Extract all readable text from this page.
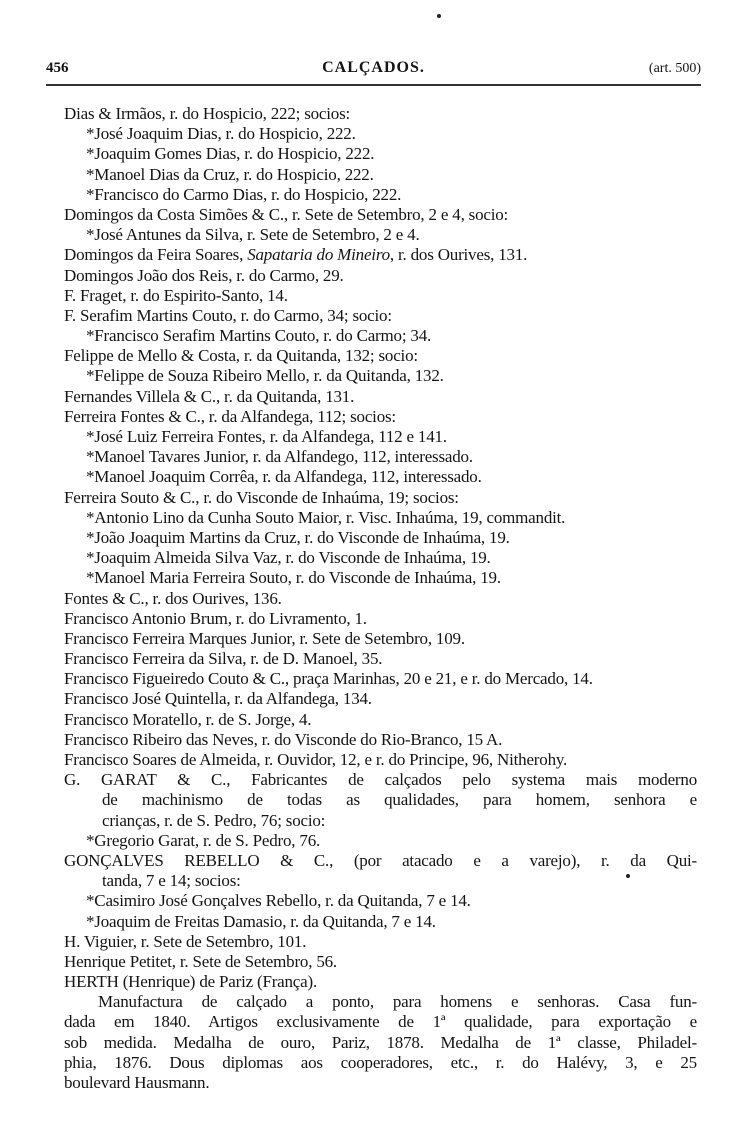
456	CALÇADOS.	(art. 500)
Dias & Irmãos, r. do Hospicio, 222; socios:
*José Joaquim Dias, r. do Hospicio, 222.
*Joaquim Gomes Dias, r. do Hospicio, 222.
*Manoel Dias da Cruz, r. do Hospicio, 222.
*Francisco do Carmo Dias, r. do Hospicio, 222.
Domingos da Costa Simões & C., r. Sete de Setembro, 2 e 4, socio:
*José Antunes da Silva, r. Sete de Setembro, 2 e 4.
Domingos da Feira Soares, Sapataria do Mineiro, r. dos Ourives, 131.
Domingos João dos Reis, r. do Carmo, 29.
F. Fraget, r. do Espirito-Santo, 14.
F. Serafim Martins Couto, r. do Carmo, 34; socio:
*Francisco Serafim Martins Couto, r. do Carmo; 34.
Felippe de Mello & Costa, r. da Quitanda, 132; socio:
*Felippe de Souza Ribeiro Mello, r. da Quitanda, 132.
Fernandes Villela & C., r. da Quitanda, 131.
Ferreira Fontes & C., r. da Alfandega, 112; socios:
*José Luiz Ferreira Fontes, r. da Alfandega, 112 e 141.
*Manoel Tavares Junior, r. da Alfandego, 112, interessado.
*Manoel Joaquim Corrêa, r. da Alfandega, 112, interessado.
Ferreira Souto & C., r. do Visconde de Inhaúma, 19; socios:
*Antonio Lino da Cunha Souto Maior, r. Visc. Inhaúma, 19, commandit.
*João Joaquim Martins da Cruz, r. do Visconde de Inhaúma, 19.
*Joaquim Almeida Silva Vaz, r. do Visconde de Inhaúma, 19.
*Manoel Maria Ferreira Souto, r. do Visconde de Inhaúma, 19.
Fontes & C., r. dos Ourives, 136.
Francisco Antonio Brum, r. do Livramento, 1.
Francisco Ferreira Marques Junior, r. Sete de Setembro, 109.
Francisco Ferreira da Silva, r. de D. Manoel, 35.
Francisco Figueiredo Couto & C., praça Marinhas, 20 e 21, e r. do Mercado, 14.
Francisco José Quintella, r. da Alfandega, 134.
Francisco Moratello, r. de S. Jorge, 4.
Francisco Ribeiro das Neves, r. do Visconde do Rio-Branco, 15 A.
Francisco Soares de Almeida, r. Ouvidor, 12, e r. do Principe, 96, Nitherohy.
G. GARAT & C., Fabricantes de calçados pelo systema mais moderno
de machinismo de todas as qualidades, para homem, senhora e
crianças, r. de S. Pedro, 76; socio:
*Gregorio Garat, r. de S. Pedro, 76.
GONÇALVES REBELLO & C., (por atacado e a varejo), r. da Qui-
tanda, 7 e 14; socios:
*Casimiro José Gonçalves Rebello, r. da Quitanda, 7 e 14.
*Joaquim de Freitas Damasio, r. da Quitanda, 7 e 14.
H. Viguier, r. Sete de Setembro, 101.
Henrique Petitet, r. Sete de Setembro, 56.
HERTH (Henrique) de Pariz (França).
Manufactura de calçado a ponto, para homens e senhoras. Casa fun-
dada em 1840. Artigos exclusivamente de 1ª qualidade, para exportação e
sob medida. Medalha de ouro, Pariz, 1878. Medalha de 1ª classe, Philadel-
phia, 1876. Dous diplomas aos cooperadores, etc., r. do Halévy, 3, e 25
boulevard Hausmann.
